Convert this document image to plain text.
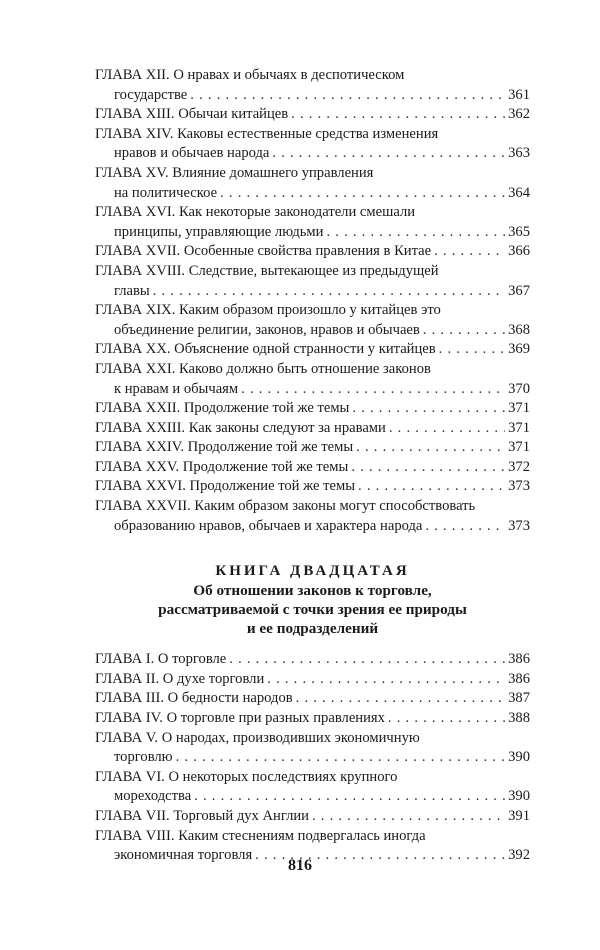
ГЛАВА XII. О нравах и обычаях в деспотическом
государстве . . .	361
ГЛАВА XIII. Обычаи китайцев . . .	362
ГЛАВА XIV. Каковы естественные средства изменения
нравов и обычаев народа . . .	363
ГЛАВА XV. Влияние домашнего управления
на политическое . . .	364
ГЛАВА XVI. Как некоторые законодатели смешали
принципы, управляющие людьми . . .	365
ГЛАВА XVII. Особенные свойства правления в Китае . . .	366
ГЛАВА XVIII. Следствие, вытекающее из предыдущей
главы . . .	367
ГЛАВА XIX. Каким образом произошло у китайцев это
объединение религии, законов, нравов и обычаев . . .	368
ГЛАВА XX. Объяснение одной странности у китайцев . . .	369
ГЛАВА XXI. Каково должно быть отношение законов
к нравам и обычаям . . .	370
ГЛАВА XXII. Продолжение той же темы . . .	371
ГЛАВА XXIII. Как законы следуют за нравами . . .	371
ГЛАВА XXIV. Продолжение той же темы . . .	371
ГЛАВА XXV. Продолжение той же темы . . .	372
ГЛАВА XXVI. Продолжение той же темы . . .	373
ГЛАВА XXVII. Каким образом законы могут способствовать
образованию нравов, обычаев и характера народа . . .	373
КНИГА ДВАДЦАТАЯ
Об отношении законов к торговле,
рассматриваемой с точки зрения ее природы
и ее подразделений
ГЛАВА I. О торговле . . .	386
ГЛАВА II. О духе торговли . . .	386
ГЛАВА III. О бедности народов . . .	387
ГЛАВА IV. О торговле при разных правлениях . . .	388
ГЛАВА V. О народах, производивших экономичную
торговлю . . .	390
ГЛАВА VI. О некоторых последствиях крупного
мореходства . . .	390
ГЛАВА VII. Торговый дух Англии . . .	391
ГЛАВА VIII. Каким стеснениям подвергалась иногда
экономичная торговля . . .	392
816
